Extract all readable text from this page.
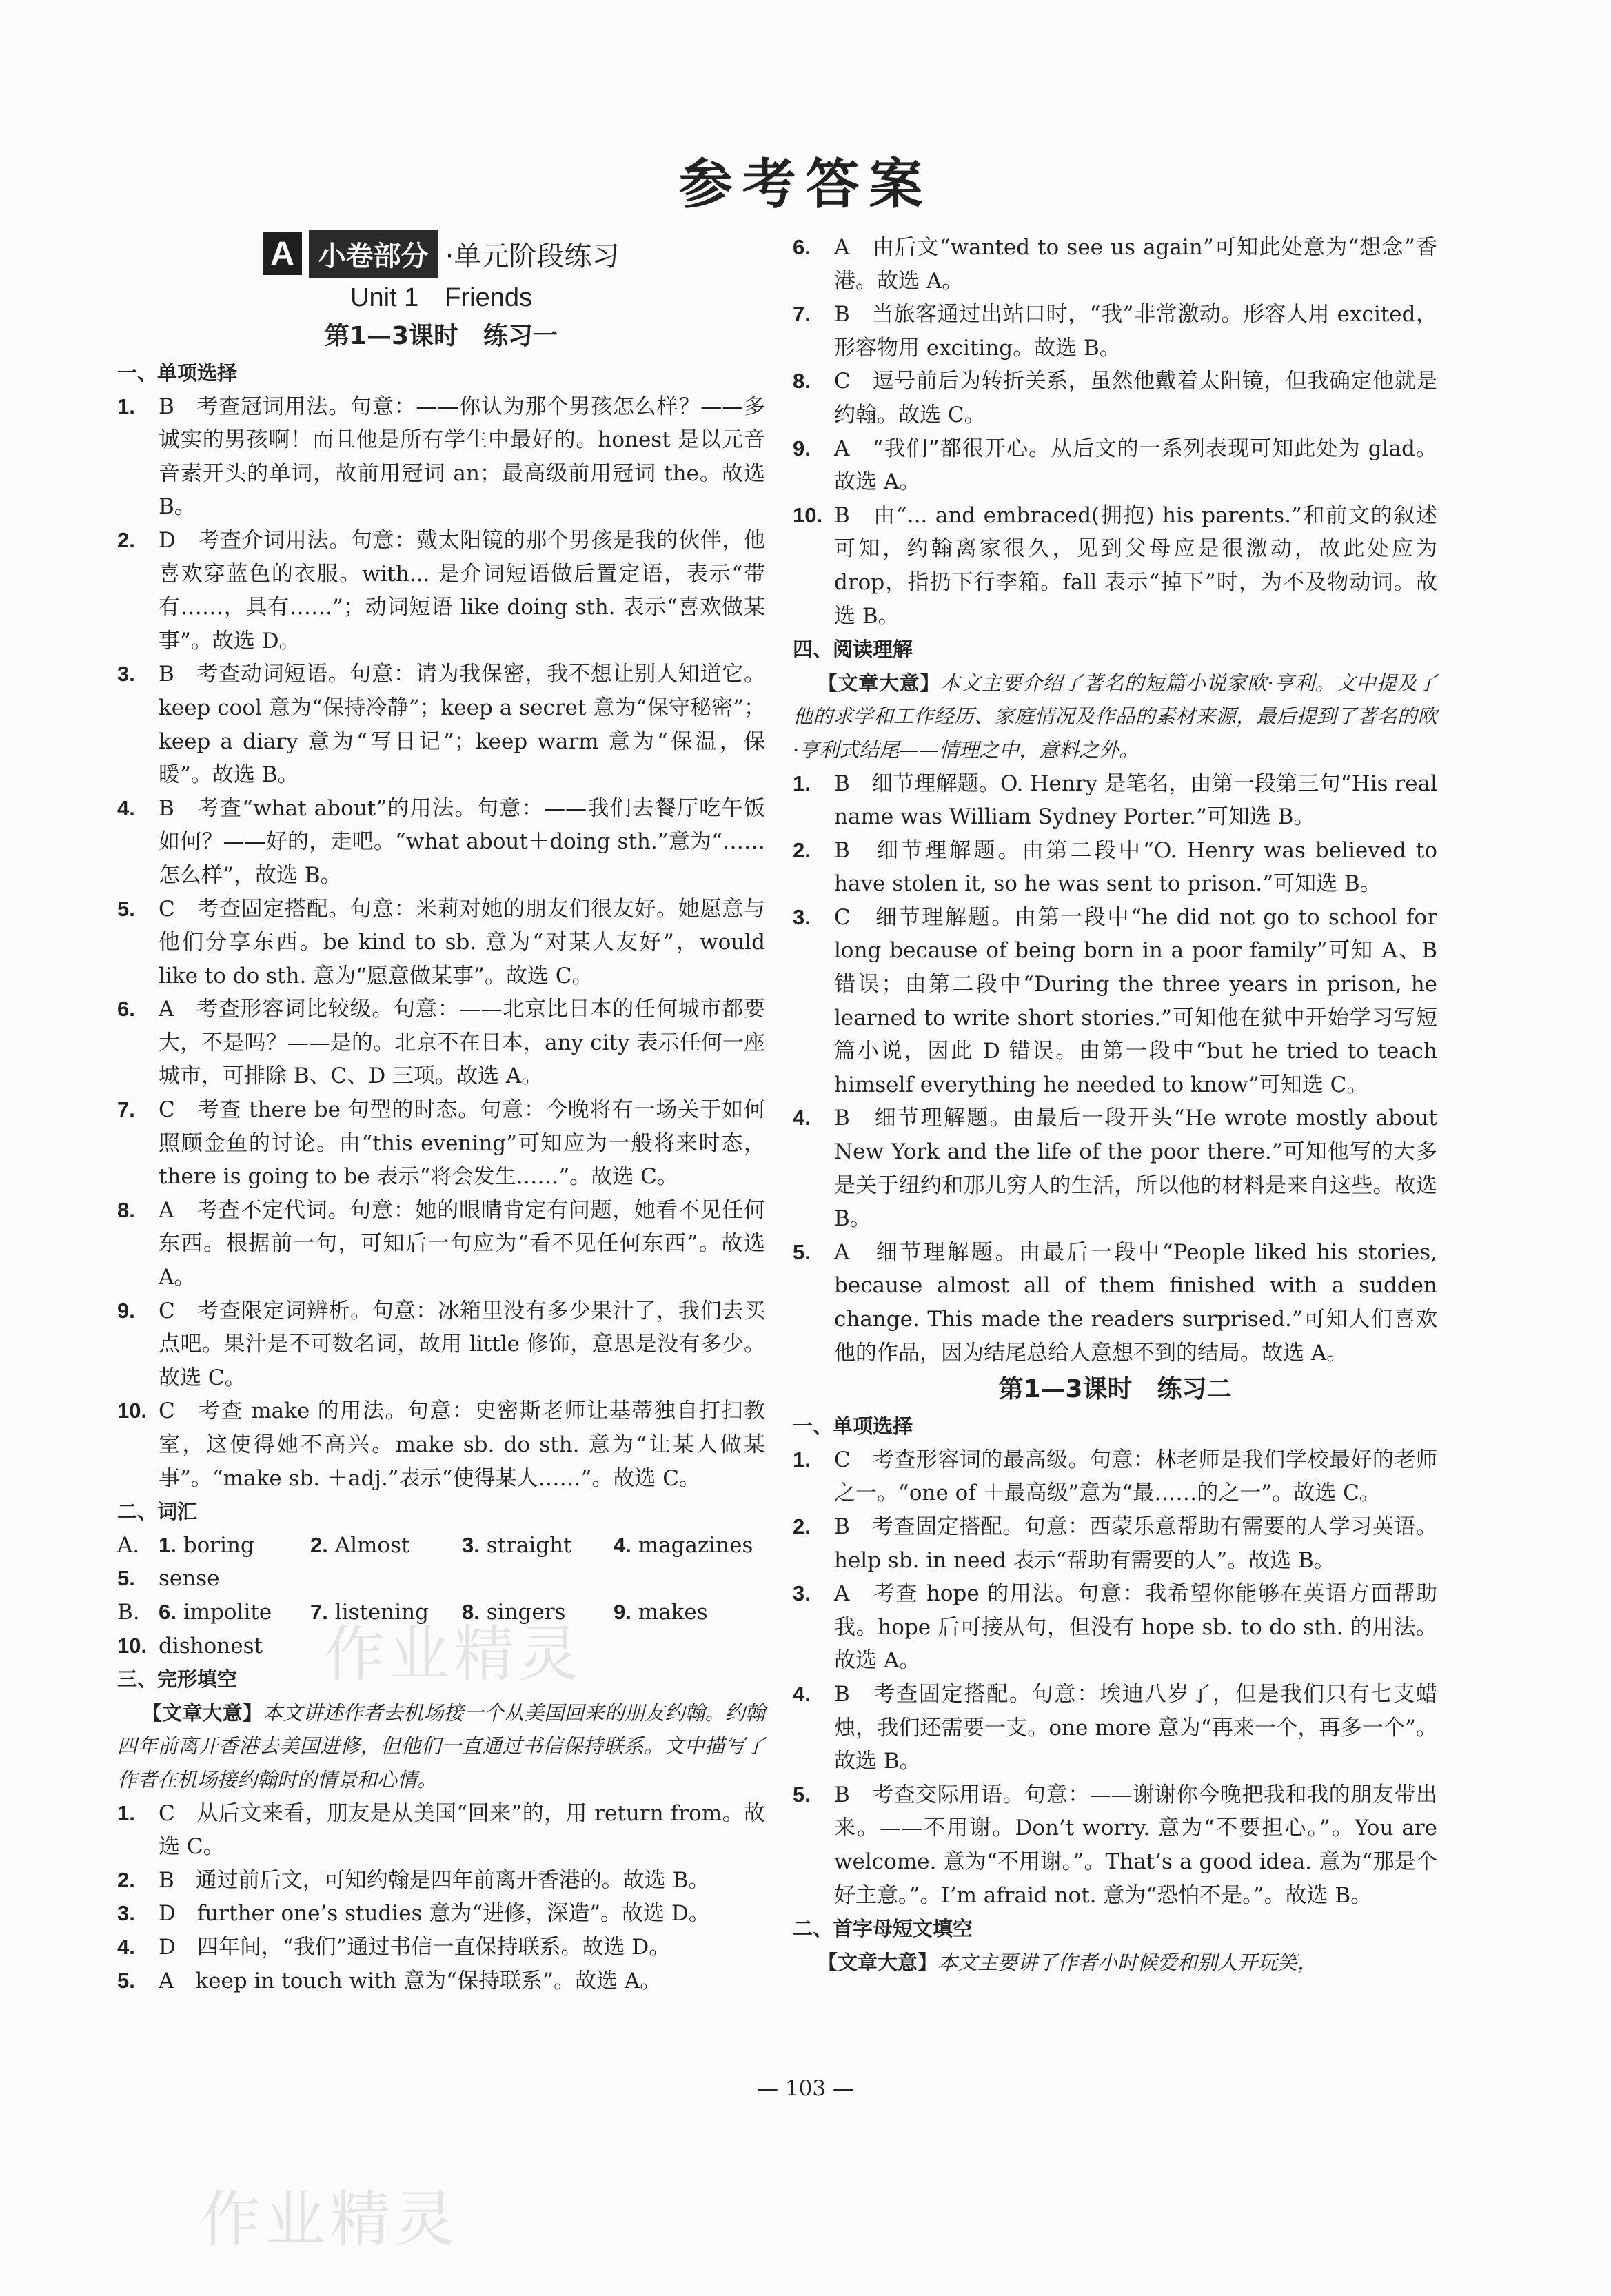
参考答案
A 小卷部分 ·单元阶段练习

Unit 1　Friends

第1—3课时　练习一

一、单项选择

1. B　考查冠词用法。句意：——你认为那个男孩怎么样？——多诚实的男孩啊！而且他是所有学生中最好的。honest 是以元音音素开头的单词，故前用冠词 an；最高级前用冠词 the。故选 B。
2. D　考查介词用法。句意：戴太阳镜的那个男孩是我的伙伴，他喜欢穿蓝色的衣服。with... 是介词短语做后置定语，表示“带有……，具有……”；动词短语 like doing sth. 表示“喜欢做某事”。故选 D。
3. B　考查动词短语。句意：请为我保密，我不想让别人知道它。keep cool 意为“保持冷静”；keep a secret 意为“保守秘密”；keep a diary 意为“写日记”；keep warm 意为“保温，保暖”。故选 B。
4. B　考查“what about”的用法。句意：——我们去餐厅吃午饭如何？——好的，走吧。“what about＋doing sth.”意为“……怎么样”，故选 B。
5. C　考查固定搭配。句意：米莉对她的朋友们很友好。她愿意与他们分享东西。be kind to sb. 意为“对某人友好”，would like to do sth. 意为“愿意做某事”。故选 C。
6. A　考查形容词比较级。句意：——北京比日本的任何城市都要大，不是吗？——是的。北京不在日本，any city 表示任何一座城市，可排除 B、C、D 三项。故选 A。
7. C　考查 there be 句型的时态。句意：今晚将有一场关于如何照顾金鱼的讨论。由“this evening”可知应为一般将来时态，there is going to be 表示“将会发生……”。故选 C。
8. A　考查不定代词。句意：她的眼睛肯定有问题，她看不见任何东西。根据前一句，可知后一句应为“看不见任何东西”。故选 A。
9. C　考查限定词辨析。句意：冰箱里没有多少果汁了，我们去买点吧。果汁是不可数名词，故用 little 修饰，意思是没有多少。故选 C。
10. C　考查 make 的用法。句意：史密斯老师让基蒂独自打扫教室，这使得她不高兴。make sb. do sth. 意为“让某人做某事”。“make sb. ＋adj.”表示“使得某人……”。故选 C。

二、词汇

A. 1. boring	2. Almost	3. straight	4. magazines
5.	sense
B. 6. impolite	7. listening	8. singers	9. makes
10. dishonest

三、完形填空

【文章大意】本文讲述作者去机场接一个从美国回来的朋友约翰。约翰四年前离开香港去美国进修，但他们一直通过书信保持联系。文中描写了作者在机场接约翰时的情景和心情。

1. C　从后文来看，朋友是从美国“回来”的，用 return from。故选 C。
2. B　通过前后文，可知约翰是四年前离开香港的。故选 B。
3. D　further one’s studies 意为“进修，深造”。故选 D。
4. D　四年间，“我们”通过书信一直保持联系。故选 D。
5. A　keep in touch with 意为“保持联系”。故选 A。
6. A　由后文“wanted to see us again”可知此处意为“想念”香港。故选 A。
7. B　当旅客通过出站口时，“我”非常激动。形容人用 excited，形容物用 exciting。故选 B。
8. C　逗号前后为转折关系，虽然他戴着太阳镜，但我确定他就是约翰。故选 C。
9. A　“我们”都很开心。从后文的一系列表现可知此处为 glad。故选 A。
10. B　由“... and embraced(拥抱) his parents.”和前文的叙述可知，约翰离家很久，见到父母应是很激动，故此处应为 drop，指扔下行李箱。fall 表示“掉下”时，为不及物动词。故选 B。

四、阅读理解

【文章大意】本文主要介绍了著名的短篇小说家欧·亨利。文中提及了他的求学和工作经历、家庭情况及作品的素材来源，最后提到了著名的欧·亨利式结尾——情理之中，意料之外。

1. B　细节理解题。O. Henry 是笔名，由第一段第三句“His real name was William Sydney Porter.”可知选 B。
2. B　细节理解题。由第二段中“O. Henry was believed to have stolen it, so he was sent to prison.”可知选 B。
3. C　细节理解题。由第一段中“he did not go to school for long because of being born in a poor family”可知 A、B 错误；由第二段中“During the three years in prison, he learned to write short stories.”可知他在狱中开始学习写短篇小说，因此 D 错误。由第一段中“but he tried to teach himself everything he needed to know”可知选 C。
4. B　细节理解题。由最后一段开头“He wrote mostly about New York and the life of the poor there.”可知他写的大多是关于纽约和那儿穷人的生活，所以他的材料是来自这些。故选 B。
5. A　细节理解题。由最后一段中“People liked his stories, because almost all of them finished with a sudden change. This made the readers surprised.”可知人们喜欢他的作品，因为结尾总给人意想不到的结局。故选 A。

第1—3课时　练习二

一、单项选择

1. C　考查形容词的最高级。句意：林老师是我们学校最好的老师之一。“one of ＋最高级”意为“最……的之一”。故选 C。
2. B　考查固定搭配。句意：西蒙乐意帮助有需要的人学习英语。help sb. in need 表示“帮助有需要的人”。故选 B。
3. A　考查 hope 的用法。句意：我希望你能够在英语方面帮助我。hope 后可接从句，但没有 hope sb. to do sth. 的用法。故选 A。
4. B　考查固定搭配。句意：埃迪八岁了，但是我们只有七支蜡烛，我们还需要一支。one more 意为“再来一个，再多一个”。故选 B。
5. B　考查交际用语。句意：——谢谢你今晚把我和我的朋友带出来。——不用谢。Don’t worry. 意为“不要担心。”。You are welcome. 意为“不用谢。”。That’s a good idea. 意为“那是个好主意。”。I’m afraid not. 意为“恐怕不是。”。故选 B。

二、首字母短文填空

【文章大意】本文主要讲了作者小时候爱和别人开玩笑，

— 103 —
作业精灵
作业精灵
